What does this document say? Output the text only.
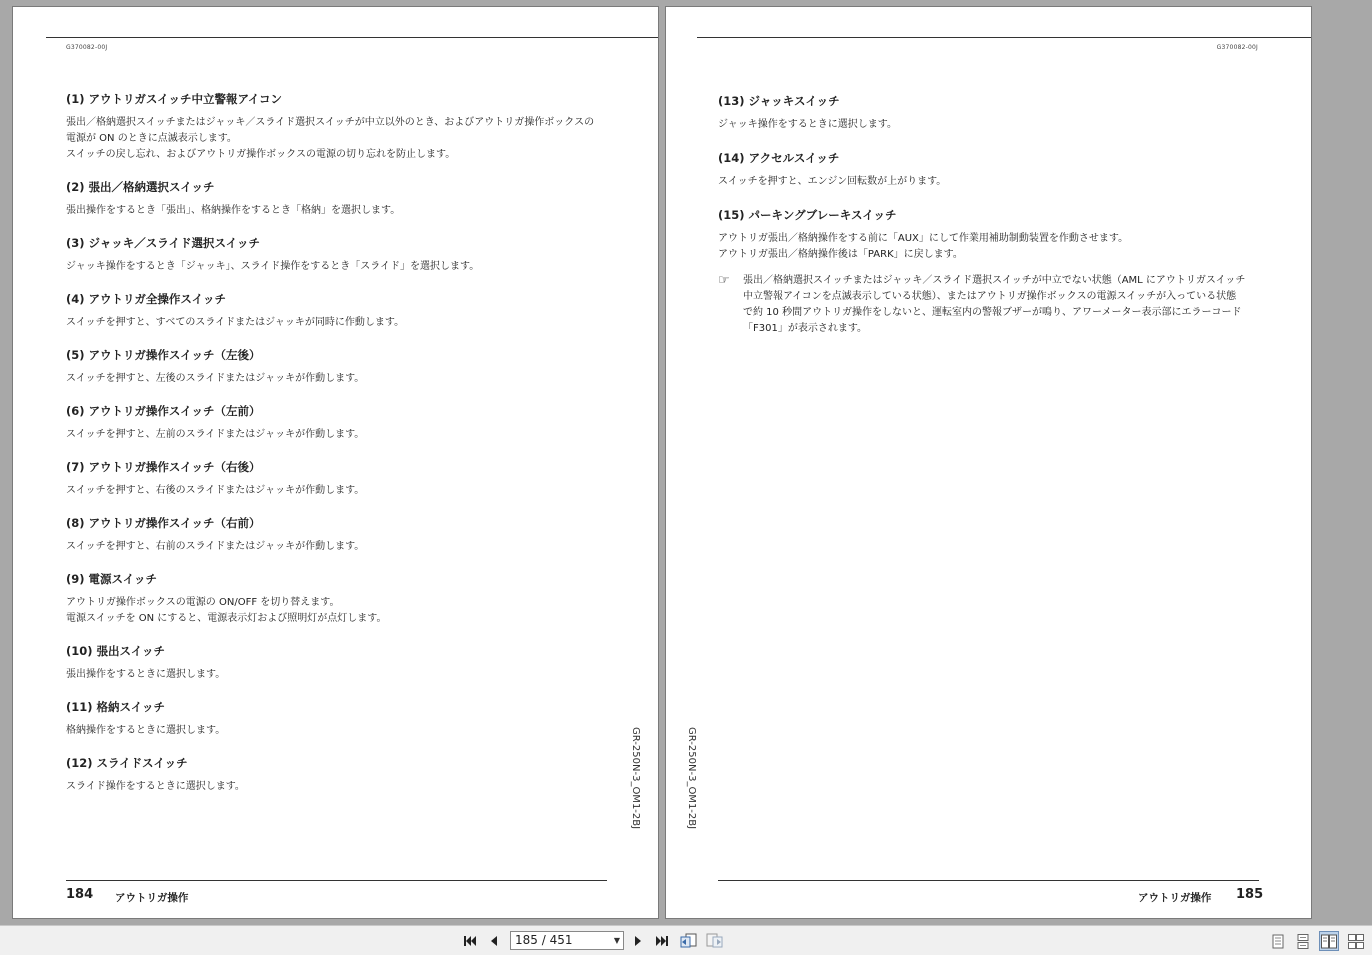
G370082-00J
(1) アウトリガスイッチ中立警報アイコン
張出／格納選択スイッチまたはジャッキ／スライド選択スイッチが中立以外のとき、およびアウトリガ操作ボックスの
電源が ON のときに点滅表示します。
スイッチの戻し忘れ、およびアウトリガ操作ボックスの電源の切り忘れを防止します。
(2) 張出／格納選択スイッチ
張出操作をするとき「張出」、格納操作をするとき「格納」を選択します。
(3) ジャッキ／スライド選択スイッチ
ジャッキ操作をするとき「ジャッキ」、スライド操作をするとき「スライド」を選択します。
(4) アウトリガ全操作スイッチ
スイッチを押すと、すべてのスライドまたはジャッキが同時に作動します。
(5) アウトリガ操作スイッチ（左後）
スイッチを押すと、左後のスライドまたはジャッキが作動します。
(6) アウトリガ操作スイッチ（左前）
スイッチを押すと、左前のスライドまたはジャッキが作動します。
(7) アウトリガ操作スイッチ（右後）
スイッチを押すと、右後のスライドまたはジャッキが作動します。
(8) アウトリガ操作スイッチ（右前）
スイッチを押すと、右前のスライドまたはジャッキが作動します。
(9) 電源スイッチ
アウトリガ操作ボックスの電源の ON/OFF を切り替えます。
電源スイッチを ON にすると、電源表示灯および照明灯が点灯します。
(10) 張出スイッチ
張出操作をするときに選択します。
(11) 格納スイッチ
格納操作をするときに選択します。
(12) スライドスイッチ
スライド操作をするときに選択します。	GR-250N-3_OM1-2BJ
184 アウトリガ操作
G370082-00J
(13) ジャッキスイッチ
ジャッキ操作をするときに選択します。
(14) アクセルスイッチ
スイッチを押すと、エンジン回転数が上がります。
(15) パーキングブレーキスイッチ
アウトリガ張出／格納操作をする前に「AUX」にして作業用補助制動装置を作動させます。
アウトリガ張出／格納操作後は「PARK」に戻します。
☞ 張出／格納選択スイッチまたはジャッキ／スライド選択スイッチが中立でない状態（AML にアウトリガスイッチ
中立警報アイコンを点滅表示している状態）、またはアウトリガ操作ボックスの電源スイッチが入っている状態
で約 10 秒間アウトリガ操作をしないと、運転室内の警報ブザーが鳴り、アワーメーター表示部にエラーコード
「F301」が表示されます。
GR-250N-3_OM1-2BJ
アウトリガ操作 185
185 / 451	▼
